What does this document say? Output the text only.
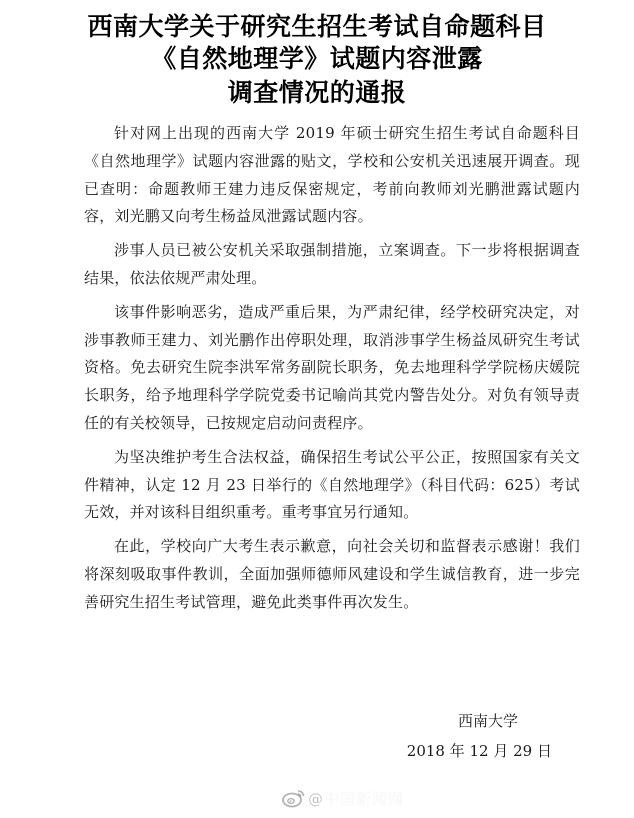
西南大学关于研究生招生考试自命题科目
《自然地理学》试题内容泄露
调查情况的通报

针对网上出现的西南大学 2019 年硕士研究生招生考试自命题科目《自然地理学》试题内容泄露的贴文，学校和公安机关迅速展开调查。现已查明：命题教师王建力违反保密规定，考前向教师刘光鹏泄露试题内容，刘光鹏又向考生杨益凤泄露试题内容。

涉事人员已被公安机关采取强制措施，立案调查。下一步将根据调查结果，依法依规严肃处理。

该事件影响恶劣，造成严重后果，为严肃纪律，经学校研究决定，对涉事教师王建力、刘光鹏作出停职处理，取消涉事学生杨益凤研究生考试资格。免去研究生院李洪军常务副院长职务，免去地理科学学院杨庆媛院长职务，给予地理科学学院党委书记喻尚其党内警告处分。对负有领导责任的有关校领导，已按规定启动问责程序。

为坚决维护考生合法权益，确保招生考试公平公正，按照国家有关文件精神，认定 12 月 23 日举行的《自然地理学》（科目代码：625）考试无效，并对该科目组织重考。重考事宜另行通知。

在此，学校向广大考生表示歉意，向社会关切和监督表示感谢！我们将深刻吸取事件教训，全面加强师德师风建设和学生诚信教育，进一步完善研究生招生考试管理，避免此类事件再次发生。

西南大学
2018 年 12 月 29 日
@中国新闻网
